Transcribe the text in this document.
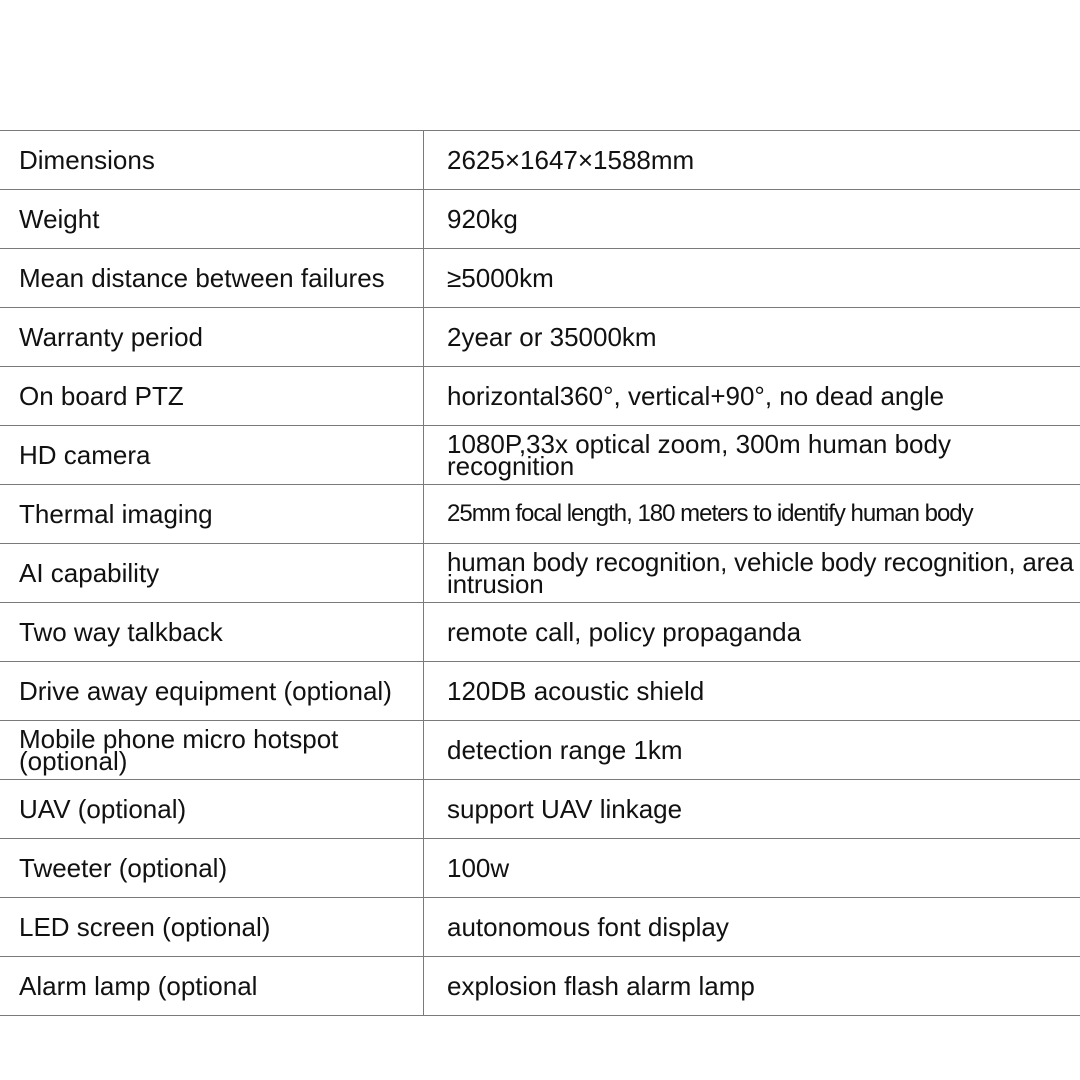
Dimensions	2625×1647×1588mm
Weight	920kg
Mean distance between failures	≥5000km
Warranty period	2year or 35000km
On board PTZ	horizontal360°, vertical+90°, no dead angle
HD camera	1080P,33x optical zoom, 300m human body recognition
Thermal imaging	25mm focal length, 180 meters to identify human body
AI capability	human body recognition, vehicle body recognition, area intrusion
Two way talkback	remote call, policy propaganda
Drive away equipment (optional)	120DB acoustic shield
Mobile phone micro hotspot (optional)	detection range 1km
UAV (optional)	support UAV linkage
Tweeter (optional)	100w
LED screen (optional)	autonomous font display
Alarm lamp (optional	explosion flash alarm lamp
